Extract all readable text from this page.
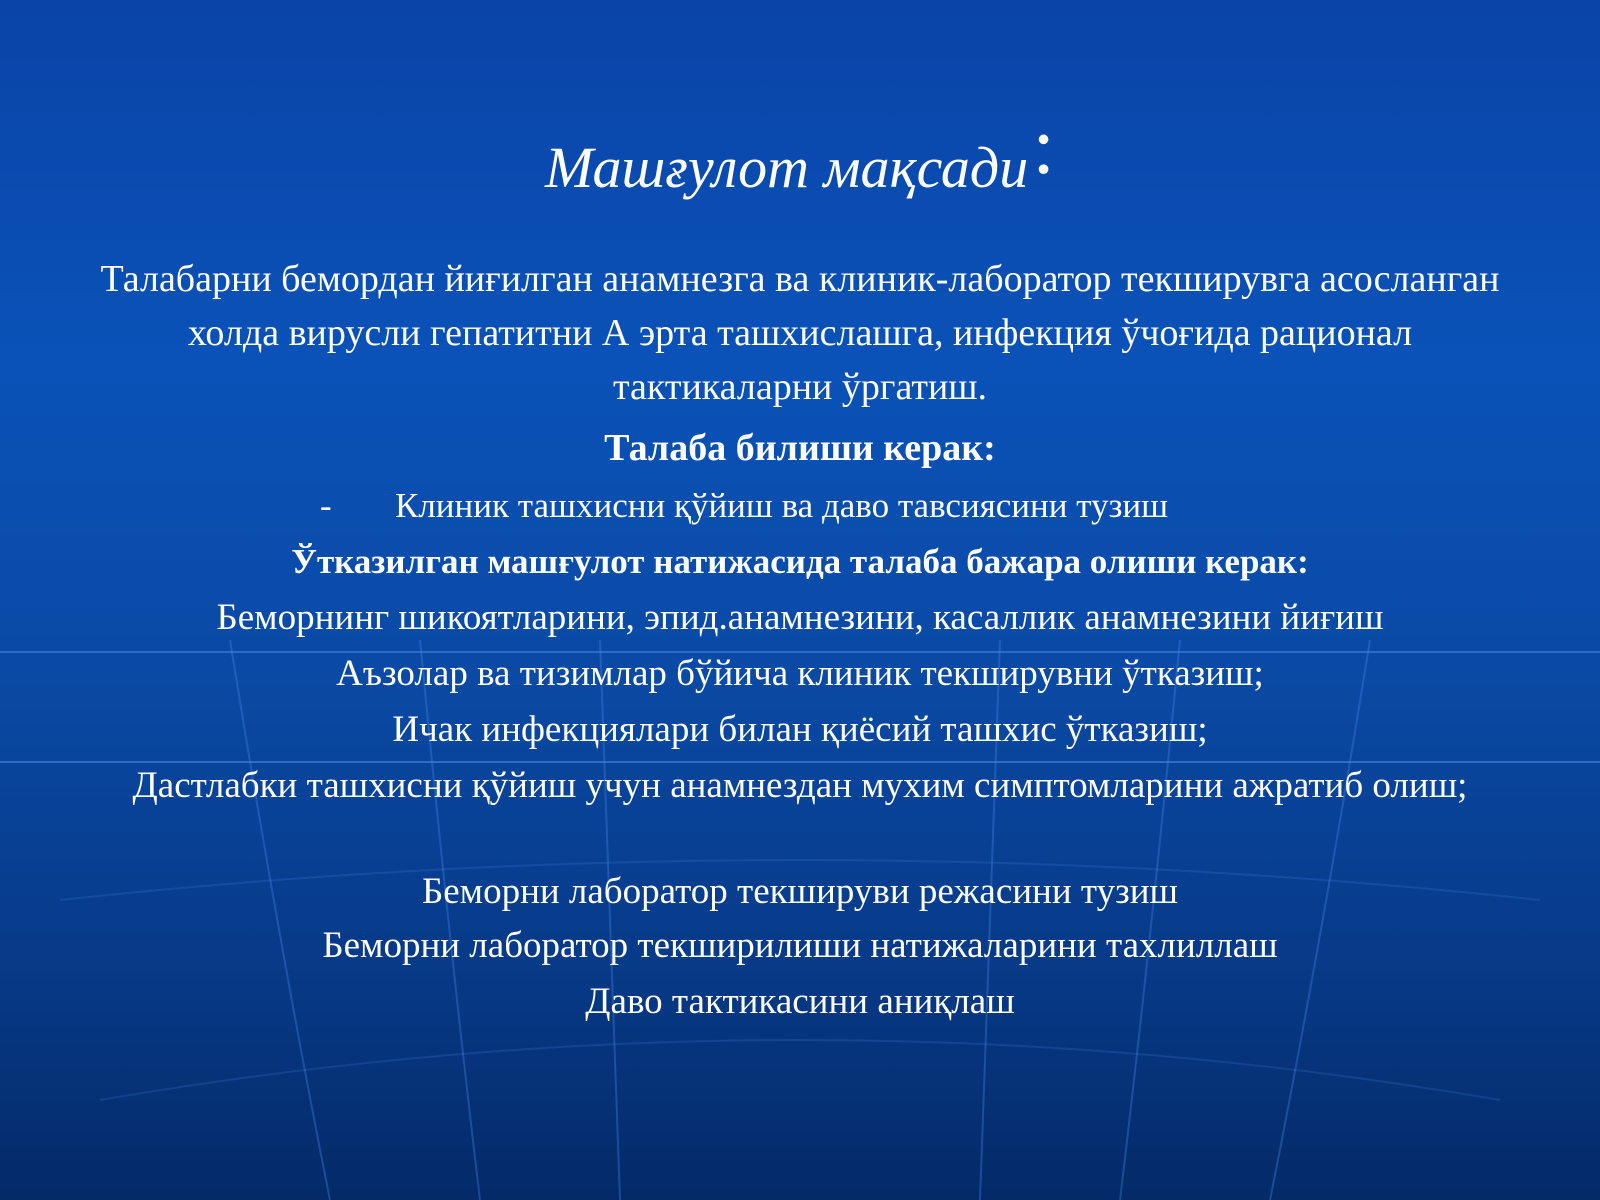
Машғулот мақсади:
Талабарни бемордан йиғилган анамнезга ва клиник-лаборатор текширувга асосланган холда вирусли гепатитни А эрта ташхислашга, инфекция ўчоғида рационал тактикаларни ўргатиш.
Талаба билиши керак:
- Клиник ташхисни қўйиш ва даво тавсиясини тузиш
Ўтказилган машғулот натижасида талаба бажара олиши керак:
Беморнинг шикоятларини, эпид.анамнезини, касаллик анамнезини йиғиш
Аъзолар ва тизимлар бўйича клиник текширувни ўтказиш;
Ичак инфекциялари билан қиёсий ташхис ўтказиш;
Дастлабки ташхисни қўйиш учун анамнездан мухим симптомларини ажратиб олиш;
Беморни лаборатор текшируви режасини тузиш
Беморни лаборатор текширилиши натижаларини тахлиллаш
Даво тактикасини аниқлаш
